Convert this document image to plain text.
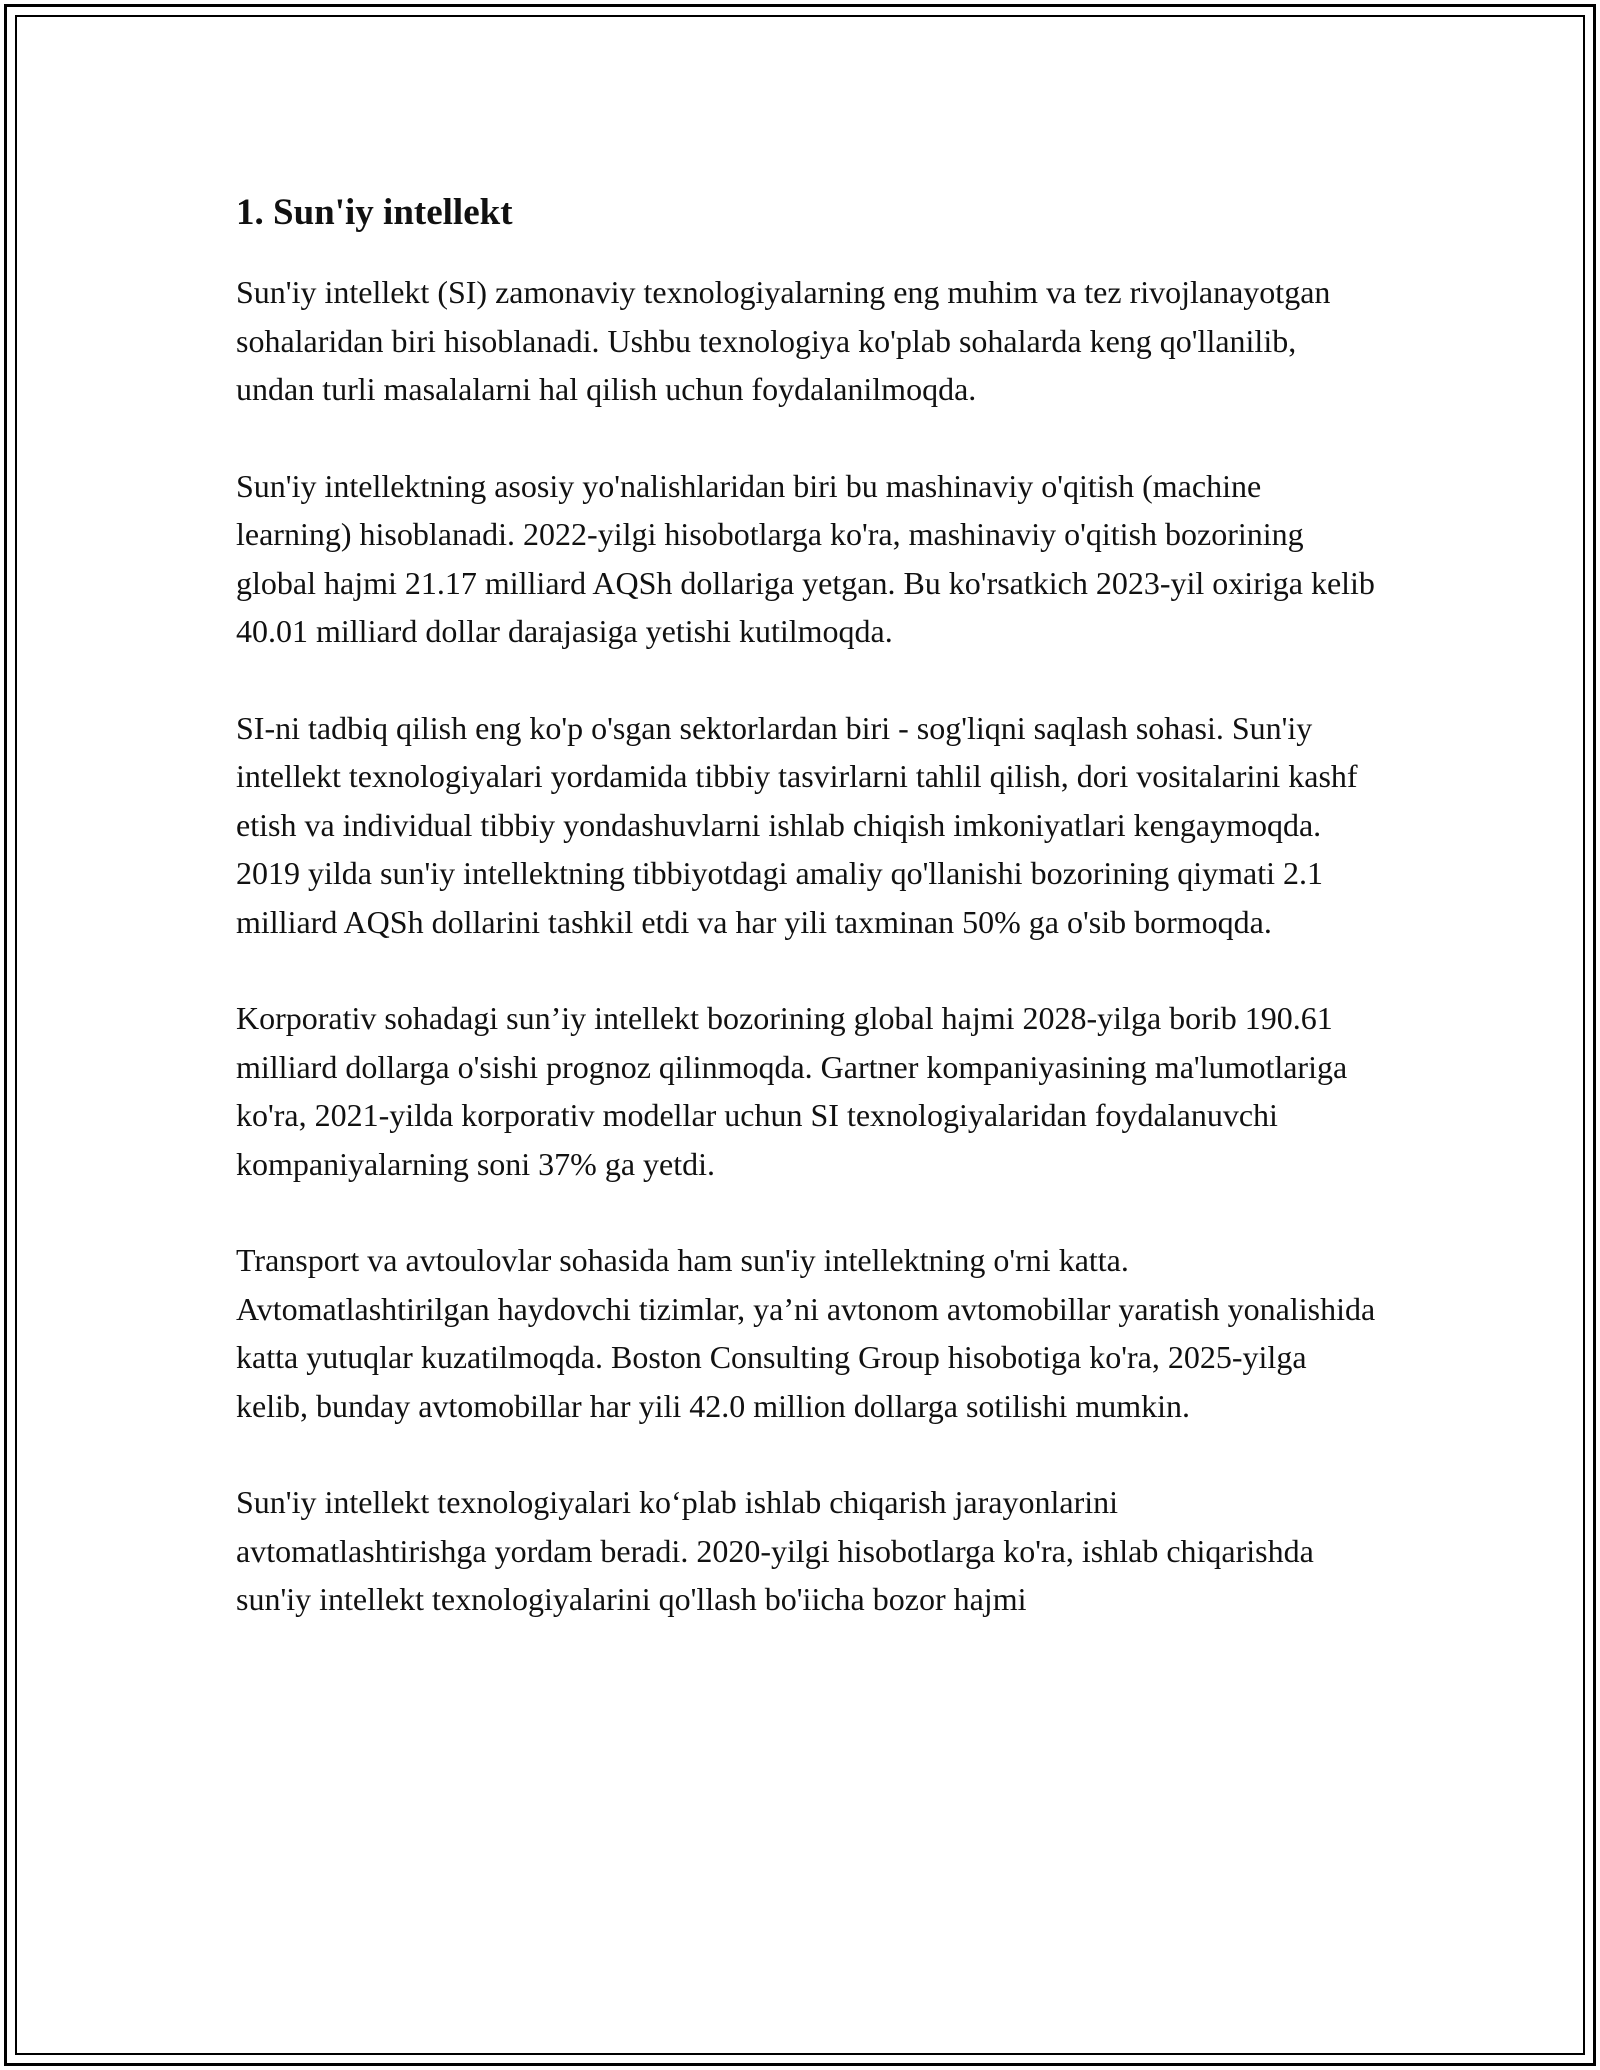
1. Sun'iy intellekt

Sun'iy intellekt (SI) zamonaviy texnologiyalarning eng muhim va tez rivojlanayotgan sohalaridan biri hisoblanadi. Ushbu texnologiya ko'plab sohalarda keng qo'llanilib, undan turli masalalarni hal qilish uchun foydalanilmoqda.

Sun'iy intellektning asosiy yo'nalishlaridan biri bu mashinaviy o'qitish (machine learning) hisoblanadi. 2022-yilgi hisobotlarga ko'ra, mashinaviy o'qitish bozorining global hajmi 21.17 milliard AQSh dollariga yetgan. Bu ko'rsatkich 2023-yil oxiriga kelib 40.01 milliard dollar darajasiga yetishi kutilmoqda.

SI-ni tadbiq qilish eng ko'p o'sgan sektorlardan biri - sog'liqni saqlash sohasi. Sun'iy intellekt texnologiyalari yordamida tibbiy tasvirlarni tahlil qilish, dori vositalarini kashf etish va individual tibbiy yondashuvlarni ishlab chiqish imkoniyatlari kengaymoqda. 2019 yilda sun'iy intellektning tibbiyotdagi amaliy qo'llanishi bozorining qiymati 2.1 milliard AQSh dollarini tashkil etdi va har yili taxminan 50% ga o'sib bormoqda.

Korporativ sohadagi sun’iy intellekt bozorining global hajmi 2028-yilga borib 190.61 milliard dollarga o'sishi prognoz qilinmoqda. Gartner kompaniyasining ma'lumotlariga ko'ra, 2021-yilda korporativ modellar uchun SI texnologiyalaridan foydalanuvchi kompaniyalarning soni 37% ga yetdi.

Transport va avtoulovlar sohasida ham sun'iy intellektning o'rni katta. Avtomatlashtirilgan haydovchi tizimlar, ya’ni avtonom avtomobillar yaratish yonalishida katta yutuqlar kuzatilmoqda. Boston Consulting Group hisobotiga ko'ra, 2025-yilga kelib, bunday avtomobillar har yili 42.0 million dollarga sotilishi mumkin.

Sun'iy intellekt texnologiyalari ko‘plab ishlab chiqarish jarayonlarini avtomatlashtirishga yordam beradi. 2020-yilgi hisobotlarga ko'ra, ishlab chiqarishda sun'iy intellekt texnologiyalarini qo'llash bo'iicha bozor hajmi
